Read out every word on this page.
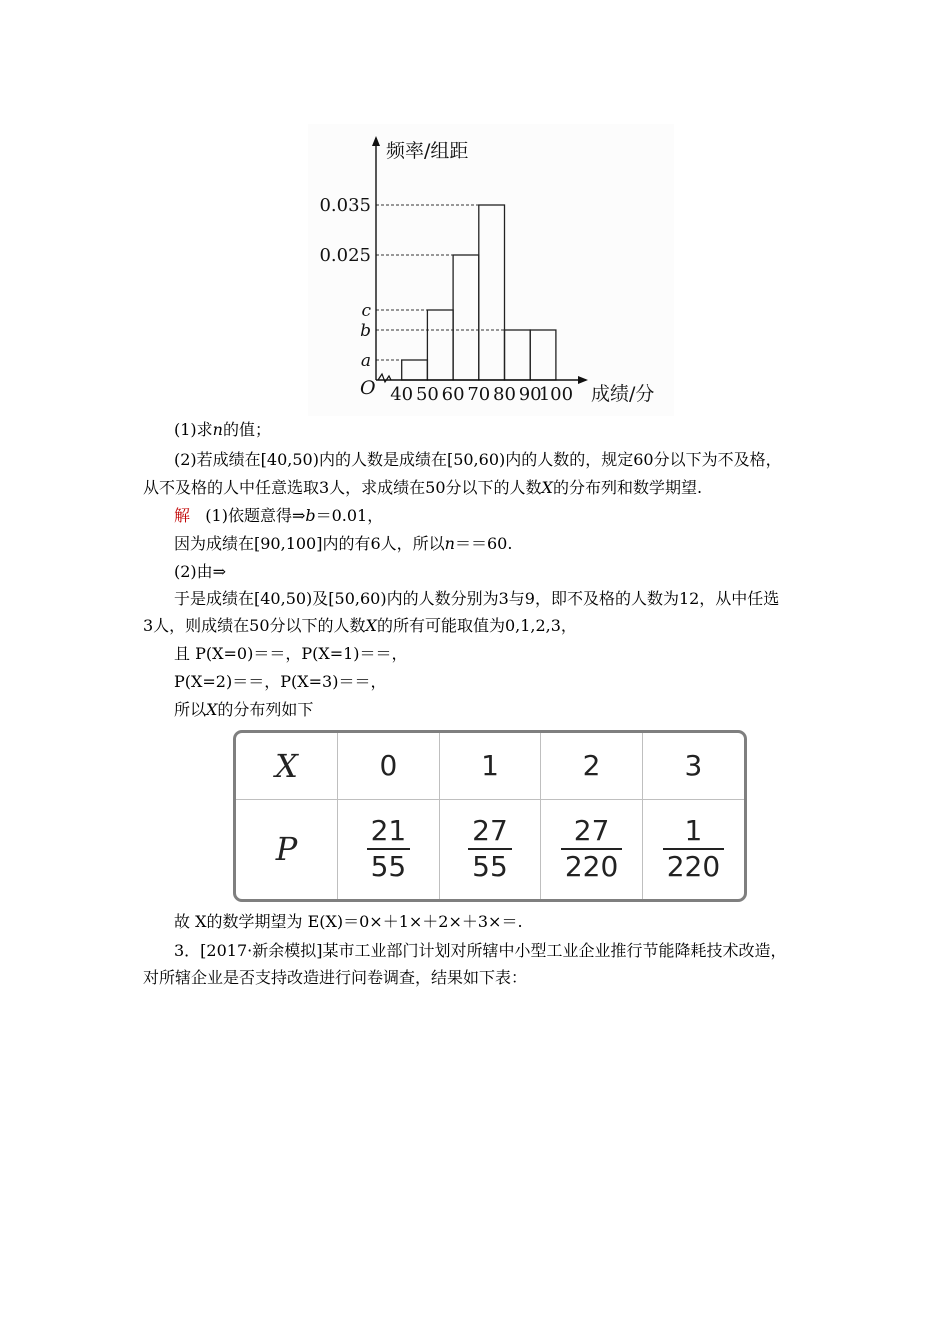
0.035
0.025
c
b
a
O
频率/组距
成绩/分
40 50 60 70 80 90
100
(1)求n的值；
(2)若成绩在[40,50)内的人数是成绩在[50,60)内的人数的，规定60分以下为不及格，
从不及格的人中任意选取3人，求成绩在50分以下的人数X的分布列和数学期望.
解 (1)依题意得⇒b＝0.01，
因为成绩在[90,100]内的有6人，所以n＝＝60.
(2)由⇒
于是成绩在[40,50)及[50,60)内的人数分别为3与9，即不及格的人数为12，从中任选
3人，则成绩在50分以下的人数X的所有可能取值为0,1,2,3，
且 P(X=0)＝＝，P(X=1)＝＝，
P(X=2)＝＝，P(X=3)＝＝，
所以X的分布列如下
X	0	1	2	3
P	$\frac{21}{55}$	$\frac{27}{55}$	$\frac{27}{220}$	$\frac{1}{220}$
故 X的数学期望为 E(X)＝0×＋1×＋2×＋3×＝.
3．[2017·新余模拟]某市工业部门计划对所辖中小型工业企业推行节能降耗技术改造，
对所辖企业是否支持改造进行问卷调查，结果如下表：
